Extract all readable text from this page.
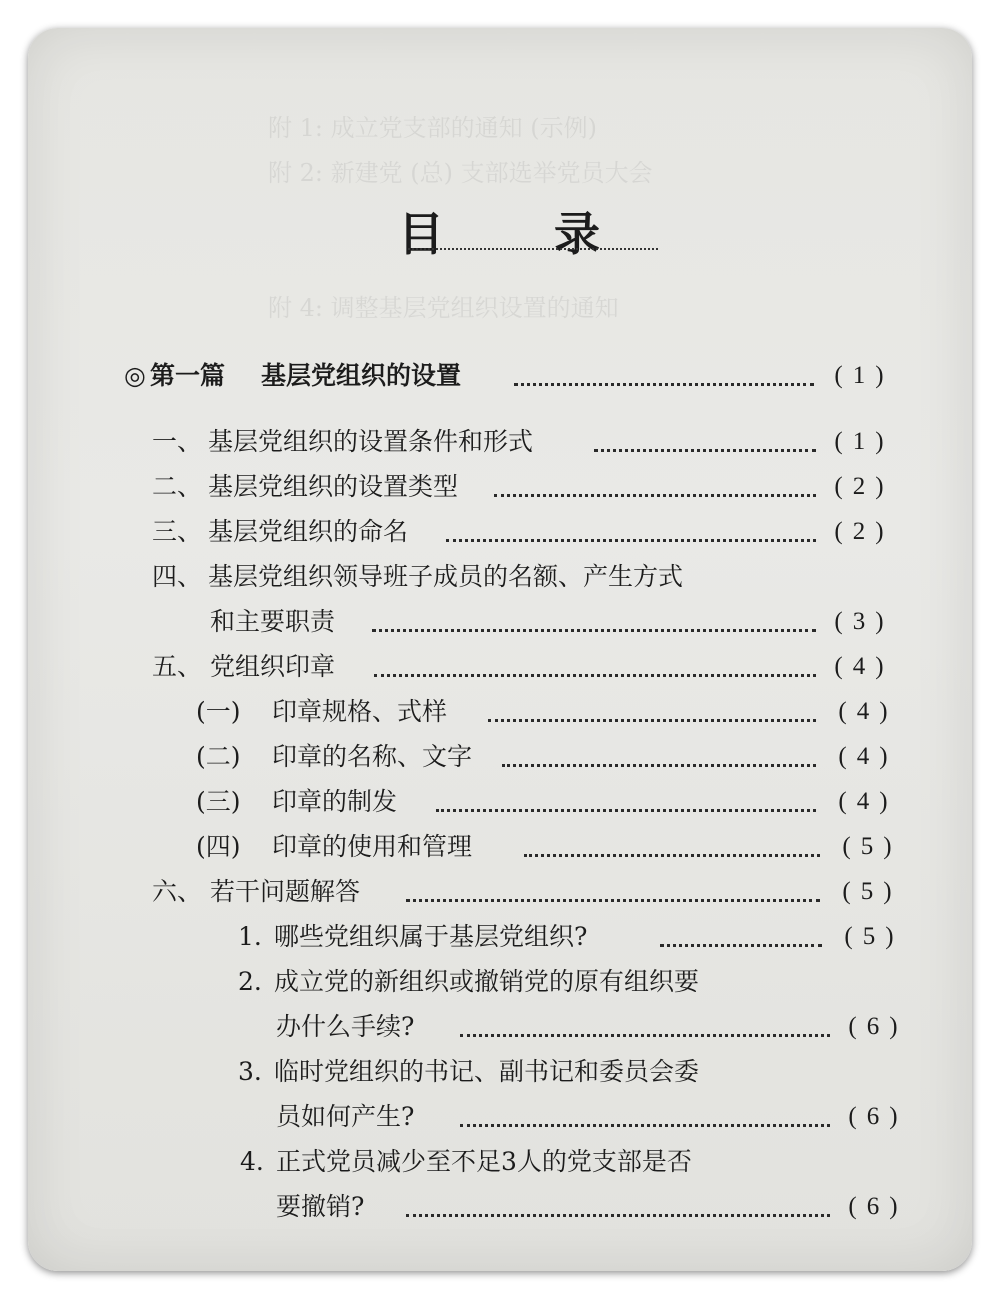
附 1: 成立党支部的通知 (示例)
附 2: 新建党 (总) 支部选举党员大会
附 4: 调整基层党组织设置的通知
目 录
◎ 第一篇 基层党组织的设置	(1)
一、 基层党组织的设置条件和形式	(1)
二、 基层党组织的设置类型	(2)
三、 基层党组织的命名	(2)
四、 基层党组织领导班子成员的名额、产生方式
和主要职责	(3)
五、 党组织印章	(4)
(一) 印章规格、式样	(4)
(二) 印章的名称、文字	(4)
(三) 印章的制发	(4)
(四) 印章的使用和管理	(5)
六、 若干问题解答	(5)
1. 哪些党组织属于基层党组织?	(5)
2. 成立党的新组织或撤销党的原有组织要
办什么手续?	(6)
3. 临时党组织的书记、副书记和委员会委
员如何产生?	(6)
4. 正式党员减少至不足3人的党支部是否
要撤销?	(6)
